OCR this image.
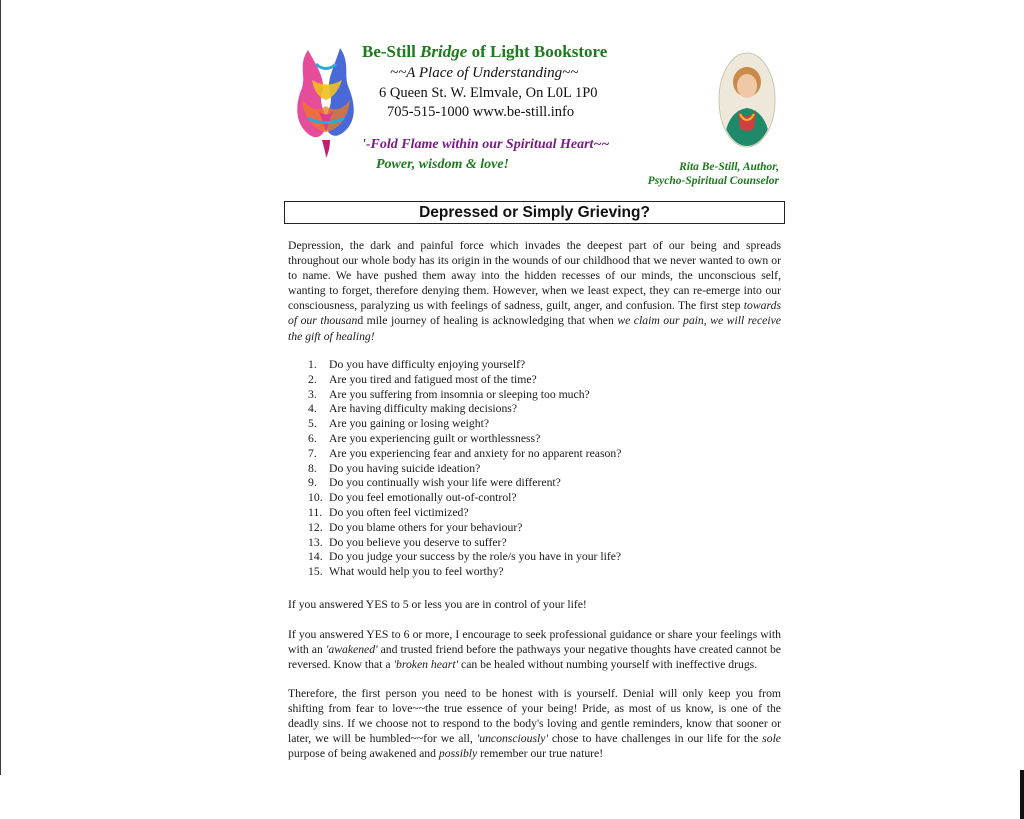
Be-Still Bridge of Light Bookstore
~~A Place of Understanding~~
6 Queen St. W. Elmvale, On L0L 1P0
705-515-1000 www.be-still.info
'-Fold Flame within our Spiritual Heart~~
Power, wisdom & love!	Rita Be-Still, Author,
Psycho-Spiritual Counselor
Depressed or Simply Grieving?
Depression, the dark and painful force which invades the deepest part of our being and spreads throughout our whole body has its origin in the wounds of our childhood that we never wanted to own or to name. We have pushed them away into the hidden recesses of our minds, the unconscious self, wanting to forget, therefore denying them. However, when we least expect, they can re-emerge into our consciousness, paralyzing us with feelings of sadness, guilt, anger, and confusion. The first step towards of our thousand mile journey of healing is acknowledging that when we claim our pain, we will receive the gift of healing!
1.	Do you have difficulty enjoying yourself?
2.	Are you tired and fatigued most of the time?
3.	Are you suffering from insomnia or sleeping too much?
4.	Are having difficulty making decisions?
5.	Are you gaining or losing weight?
6.	Are you experiencing guilt or worthlessness?
7.	Are you experiencing fear and anxiety for no apparent reason?
8.	Do you having suicide ideation?
9.	Do you continually wish your life were different?
10. Do you feel emotionally out-of-control?
11. Do you often feel victimized?
12. Do you blame others for your behaviour?
13. Do you believe you deserve to suffer?
14. Do you judge your success by the role/s you have in your life?
15. What would help you to feel worthy?
If you answered YES to 5 or less you are in control of your life!
If you answered YES to 6 or more, I encourage to seek professional guidance or share your feelings with with an 'awakened' and trusted friend before the pathways your negative thoughts have created cannot be reversed. Know that a 'broken heart' can be healed without numbing yourself with ineffective drugs.
Therefore, the first person you need to be honest with is yourself. Denial will only keep you from shifting from fear to love~~the true essence of your being! Pride, as most of us know, is one of the deadly sins. If we choose not to respond to the body's loving and gentle reminders, know that sooner or later, we will be humbled~~for we all, 'unconsciously' chose to have challenges in our life for the sole purpose of being awakened and possibly remember our true nature!
